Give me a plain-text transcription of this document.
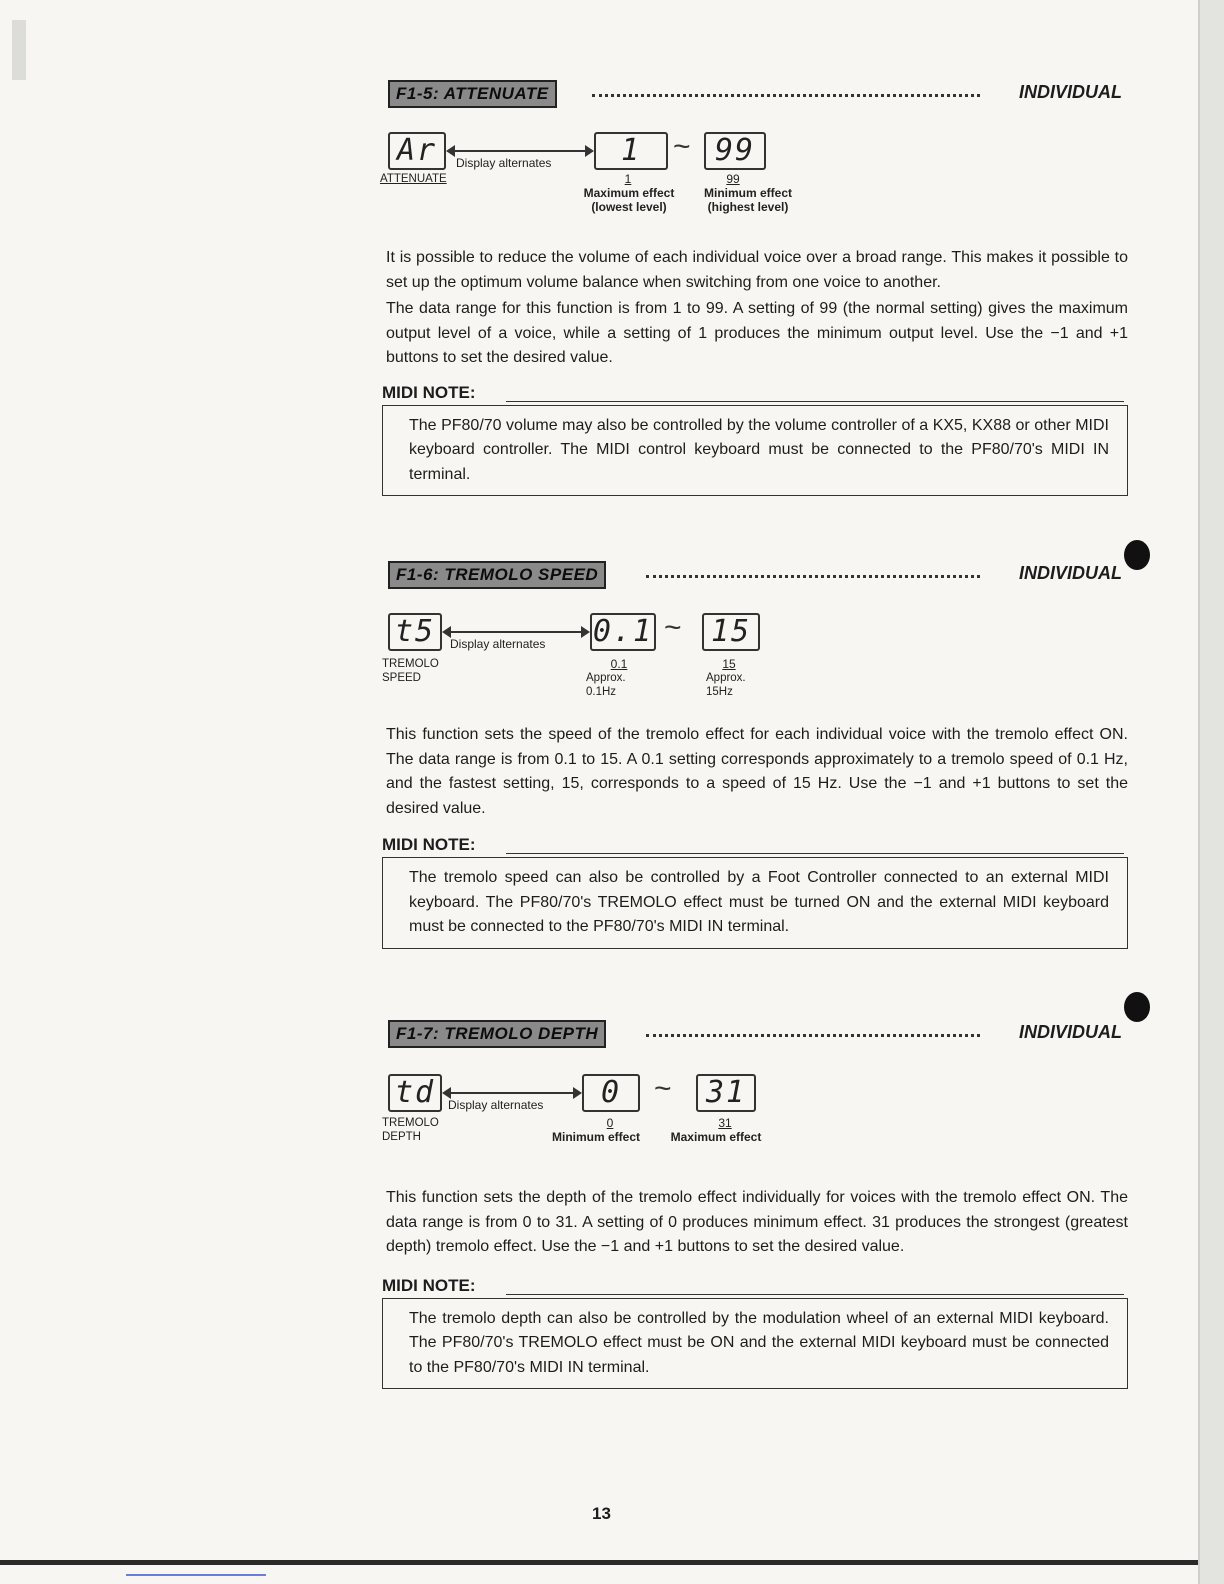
F1-5: ATTENUATE	INDIVIDUAL
Ar	Display alternates	1	~ 99
ATTENUATE	1	99
Maximum effect
(lowest level)
Minimum effect
(highest level)

It is possible to reduce the volume of each individual voice over a broad range. This makes it possible to set up the optimum volume balance when switching from one voice to another.

The data range for this function is from 1 to 99. A setting of 99 (the normal setting) gives the maximum output level of a voice, while a setting of 1 produces the minimum output level. Use the −1 and +1 buttons to set the desired value.

MIDI NOTE:
The PF80/70 volume may also be controlled by the volume controller of a KX5, KX88 or other MIDI keyboard controller. The MIDI control keyboard must be connected to the PF80/70's MIDI IN terminal.
F1-6: TREMOLO SPEED	INDIVIDUAL
t5	Display alternates 0.1 ~ 15
TREMOLO
SPEED
0.1	15
Approx.
0.1Hz
Approx.
15Hz

This function sets the speed of the tremolo effect for each individual voice with the tremolo effect ON. The data range is from 0.1 to 15. A 0.1 setting corresponds approximately to a tremolo speed of 0.1 Hz, and the fastest setting, 15, corresponds to a speed of 15 Hz. Use the −1 and +1 buttons to set the desired value.

MIDI NOTE:
The tremolo speed can also be controlled by a Foot Controller connected to an external MIDI keyboard. The PF80/70's TREMOLO effect must be turned ON and the external MIDI keyboard must be connected to the PF80/70's MIDI IN terminal.
F1-7: TREMOLO DEPTH	INDIVIDUAL
td	Display alternates	0	~	31
TREMOLO
DEPTH
0	31
Minimum effect	Maximum effect

This function sets the depth of the tremolo effect individually for voices with the tremolo effect ON. The data range is from 0 to 31. A setting of 0 produces minimum effect. 31 produces the strongest (greatest depth) tremolo effect. Use the −1 and +1 buttons to set the desired value.

MIDI NOTE:
The tremolo depth can also be controlled by the modulation wheel of an external MIDI keyboard. The PF80/70's TREMOLO effect must be ON and the external MIDI keyboard must be connected to the PF80/70's MIDI IN terminal.
13
